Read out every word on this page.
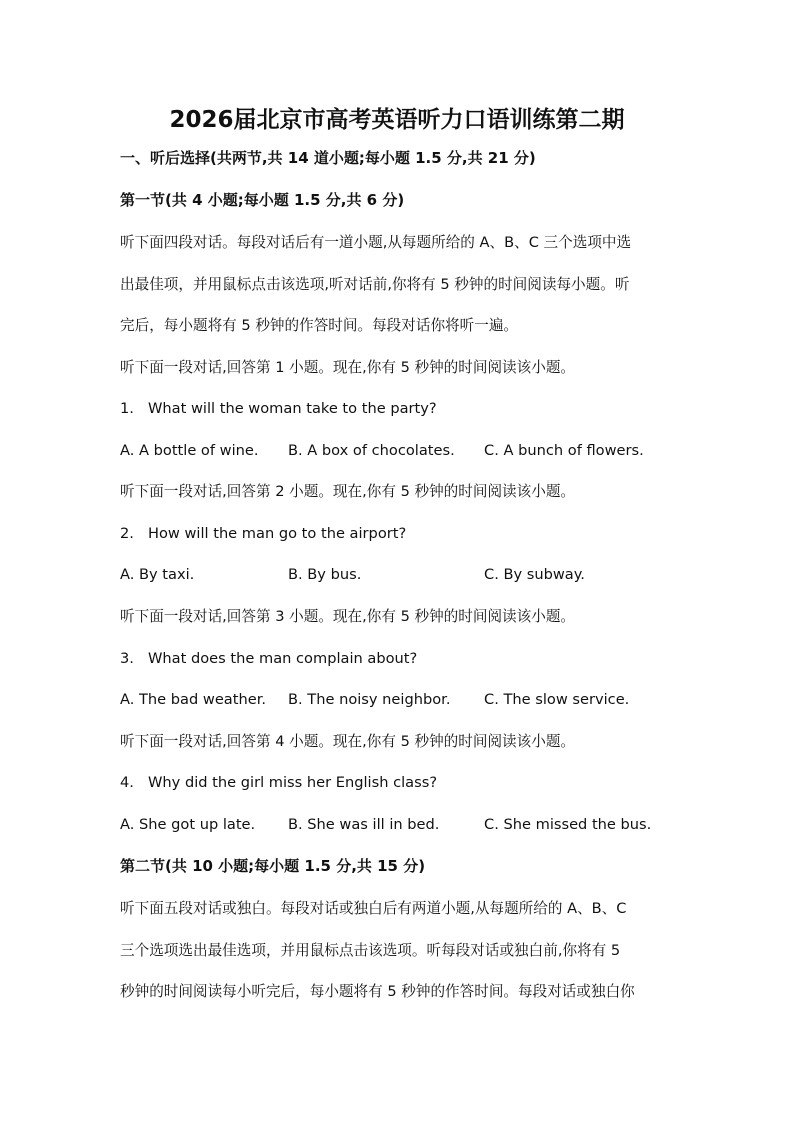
2026届北京市高考英语听力口语训练第二期
一、听后选择(共两节,共 14 道小题;每小题 1.5 分,共 21 分)
第一节(共 4 小题;每小题 1.5 分,共 6 分)
听下面四段对话。每段对话后有一道小题,从每题所给的 A、B、C 三个选项中选
出最佳项，并用鼠标点击该选项,听对话前,你将有 5 秒钟的时间阅读每小题。听
完后，每小题将有 5 秒钟的作答时间。每段对话你将听一遍。
听下面一段对话,回答第 1 小题。现在,你有 5 秒钟的时间阅读该小题。
1. What will the woman take to the party?
A. A bottle of wine. B. A box of chocolates. C. A bunch of flowers.
听下面一段对话,回答第 2 小题。现在,你有 5 秒钟的时间阅读该小题。
2. How will the man go to the airport?
A. By taxi.	B. By bus.	C. By subway.
听下面一段对话,回答第 3 小题。现在,你有 5 秒钟的时间阅读该小题。
3. What does the man complain about?
A. The bad weather. B. The noisy neighbor. C. The slow service.
听下面一段对话,回答第 4 小题。现在,你有 5 秒钟的时间阅读该小题。
4. Why did the girl miss her English class?
A. She got up late. B. She was ill in bed.	C. She missed the bus.
第二节(共 10 小题;每小题 1.5 分,共 15 分)
听下面五段对话或独白。每段对话或独白后有两道小题,从每题所给的 A、B、C
三个选项选出最佳选项，并用鼠标点击该选项。听每段对话或独白前,你将有 5
秒钟的时间阅读每小听完后，每小题将有 5 秒钟的作答时间。每段对话或独白你
